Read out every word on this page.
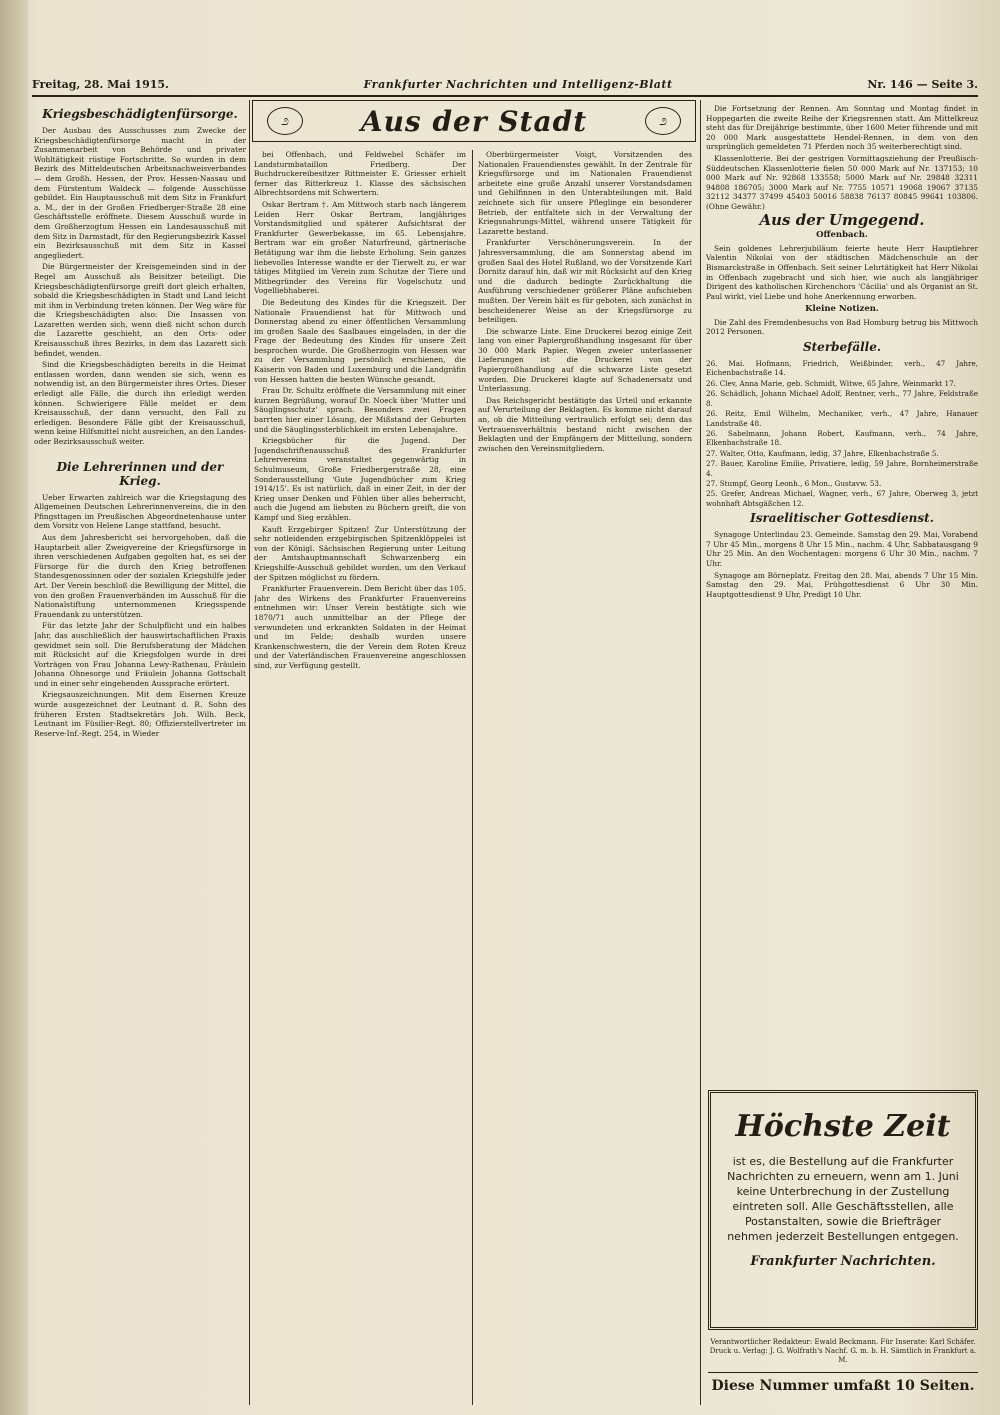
Freitag, 28. Mai 1915.	Frankfurter Nachrichten und Intelligenz-Blatt	Nr. 146 — Seite 3.
Kriegsbeschädigtenfürsorge.

Der Ausbau des Ausschusses zum Zwecke der Kriegsbeschädigtenfürsorge macht in der Zusammenarbeit von Behörde und privater Wohltätigkeit rüstige Fortschritte. So wurden in dem Bezirk des Mitteldeutschen Arbeitsnachweisverbandes — dem Großh. Hessen, der Prov. Hessen-Nassau und dem Fürstentum Waldeck — folgende Ausschüsse gebildet. Ein Hauptausschuß mit dem Sitz in Frankfurt a. M., der in der Großen Friedberger-Straße 28 eine Geschäftsstelle eröffnete. Diesem Ausschuß wurde in dem Großherzogtum Hessen ein Landesausschuß mit dem Sitz in Darmstadt, für den Regierungsbezirk Kassel ein Bezirksausschuß mit dem Sitz in Kassel angegliedert.

Die Bürgermeister der Kreisgemeinden sind in der Regel am Ausschuß als Beisitzer beteiligt. Die Kriegsbeschädigtenfürsorge greift dort gleich erhalten, sobald die Kriegsbeschädigten in Stadt und Land leicht mit ihm in Verbindung treten können. Der Weg wäre für die Kriegsbeschädigten also: Die Insassen von Lazaretten werden sich, wenn dieß nicht schon durch die Lazarette geschieht, an den Orts- oder Kreisausschuß ihres Bezirks, in dem das Lazarett sich befindet, wenden.

Sind die Kriegsbeschädigten bereits in die Heimat entlassen worden, dann wenden sie sich, wenn es notwendig ist, an den Bürgermeister ihres Ortes. Dieser erledigt alle Fälle, die durch ihn erledigt werden können. Schwierigere Fälle meldet er dem Kreisausschuß, der dann versucht, den Fall zu erledigen. Besondere Fälle gibt der Kreisausschuß, wenn keine Hilfsmittel nicht ausreichen, an den Landes- oder Bezirksausschuß weiter.

Die Lehrerinnen und der Krieg.

Ueber Erwarten zahlreich war die Kriegstagung des Allgemeinen Deutschen Lehrerinnenvereins, die in den Pfingsttagen im Preußischen Abgeordnetenhause unter dem Vorsitz von Helene Lange stattfand, besucht.

Aus dem Jahresbericht sei hervorgehoben, daß die Hauptarbeit aller Zweigvereine der Kriegsfürsorge in ihren verschiedenen Aufgaben gegolten hat, es sei der Fürsorge für die durch den Krieg betroffenen Standesgenossinnen oder der sozialen Kriegshilfe jeder Art. Der Verein beschloß die Bewilligung der Mittel, die von den großen Frauenverbänden im Ausschuß für die Nationalstiftung unternommenen Kriegsspende Frauendank zu unterstützen.

Für das letzte Jahr der Schulpflicht und ein halbes Jahr, das auschließlich der hauswirtschaftlichen Praxis gewidmet sein soll. Die Berufsberatung der Mädchen mit Rücksicht auf die Kriegsfolgen wurde in drei Vorträgen von Frau Johanna Lewy-Rathenau, Fräulein Johanna Ohnesorge und Fräulein Johanna Gottschalt und in einer sehr eingehenden Aussprache erörtert.

Kriegsauszeichnungen. Mit dem Eisernen Kreuze wurde ausgezeichnet der Leutnant d. R. Sohn des früheren Ersten Stadtsekretärs Joh. Wilh. Beck, Leutnant im Füsilier-Regt. 80; Offizierstellvertreter im Reserve-Inf.-Regt. 254, in Wieder

೨	Aus der Stadt	೨

bei Offenbach, und Feldwebel Schäfer im Landsturmbataillon Friedberg. Der Buchdruckereibesitzer Rittmeister E. Griesser erhielt ferner das Ritterkreuz 1. Klasse des sächsischen Albrechtsordens mit Schwertern.

Oskar Bertram †. Am Mittwoch starb nach längerem Leiden Herr Oskar Bertram, langjähriges Vorstandsmitglied und späterer Aufsichtsrat der Frankfurter Gewerbekasse, im 65. Lebensjahre. Bertram war ein großer Naturfreund, gärtnerische Betätigung war ihm die liebste Erholung. Sein ganzes liebevolles Interesse wandte er der Tierwelt zu, er war tätiges Mitglied im Verein zum Schutze der Tiere und Mitbegründer des Vereins für Vogelschutz und Vogelliebhaberei.

Die Bedeutung des Kindes für die Kriegszeit. Der Nationale Frauendienst hat für Mittwoch und Donnerstag abend zu einer öffentlichen Versammlung im großen Saale des Saalbaues eingeladen, in der die Frage der Bedeutung des Kindes für unsere Zeit besprochen wurde. Die Großherzogin von Hessen war zu der Versammlung persönlich erschienen, die Kaiserin von Baden und Luxemburg und die Landgräfin von Hessen hatten die besten Wünsche gesandt.

Frau Dr. Schultz eröffnete die Versammlung mit einer kurzen Begrüßung, worauf Dr. Noeck über 'Mutter und Säuglingsschutz' sprach. Besonders zwei Fragen barrten hier einer Lösung, der Mißstand der Geburten und die Säuglingssterblichkeit im ersten Lebensjahre.

Kriegsbücher für die Jugend. Der Jugendschriftenausschuß des Frankfurter Lehrervereins veranstaltet gegenwärtig in Schulmuseum, Große Friedbergerstraße 28, eine Sonderausstellung 'Gute Jugendbücher zum Krieg 1914/15'. Es ist natürlich, daß in einer Zeit, in der der Krieg unser Denken und Fühlen über alles beherrscht, auch die Jugend am liebsten zu Büchern greift, die von Kampf und Sieg erzählen.

Kauft Erzgebirger Spitzen! Zur Unterstützung der sehr notleidenden erzgebirgischen Spitzenklöppelei ist von der Königl. Sächsischen Regierung unter Leitung der Amtshauptmannschaft Schwarzenberg ein Kriegshilfe-Ausschuß gebildet worden, um den Verkauf der Spitzen möglichst zu fördern.

Frankfurter Frauenverein. Dem Bericht über das 105. Jahr des Wirkens des Frankfurter Frauenvereins entnehmen wir: Unser Verein bestätigte sich wie 1870/71 auch unmittelbar an der Pflege der verwundeten und erkrankten Soldaten in der Heimat und im Felde; deshalb wurden unsere Krankenschwestern, die der Verein dem Roten Kreuz und der Vaterländischen Frauenvereine angeschlossen sind, zur Verfügung gestellt.

Oberbürgermeister Voigt, Vorsitzenden des Nationalen Frauendienstes gewählt. In der Zentrale für Kriegsfürsorge und im Nationalen Frauendienst arbeitete eine große Anzahl unserer Vorstandsdamen und Gehilfinnen in den Unterabteilungen mit. Bald zeichnete sich für unsere Pfleglinge ein besonderer Betrieb, der entfaltete sich in der Verwaltung der Kriegsnahrungs-Mittel, während unsere Tätigkeit für Lazarette bestand.

Frankfurter Verschönerungsverein. In der Jahresversammlung, die am Sonnerstag abend im großen Saal des Hotel Rußland, wo der Vorsitzende Karl Dornitz darauf hin, daß wir mit Rücksicht auf den Krieg und die dadurch bedingte Zurückhaltung die Ausführung verschiedener größerer Pläne aufschieben mußten. Der Verein hält es für geboten, sich zunächst in bescheidenerer Weise an der Kriegsfürsorge zu beteiligen.

Die schwarze Liste. Eine Druckerei bezog einige Zeit lang von einer Papiergroßhandlung insgesamt für über 30 000 Mark Papier. Wegen zweier unterlassener Lieferungen ist die Druckerei von der Papiergroßhandlung auf die schwarze Liste gesetzt worden. Die Druckerei klagte auf Schadenersatz und Unterlassung.

Das Reichsgericht bestätigte das Urteil und erkannte auf Verurteilung der Beklagten. Es komme nicht darauf an, ob die Mitteilung vertraulich erfolgt sei; denn das Vertrauensverhältnis bestand nicht zwischen der Beklagten und der Empfängern der Mitteilung, sondern zwischen den Vereinsmitgliedern.

Die Fortsetzung der Rennen. Am Sonntag und Montag findet in Hoppegarten die zweite Reihe der Kriegsrennen statt. Am Mittelkreuz steht das für Dreijährige bestimmte, über 1600 Meter führende und mit 20 000 Mark ausgestattete Hendel-Rennen, in dem von den ursprünglich gemeldeten 71 Pferden noch 35 weiterberechtigt sind.

Klassenlotterie. Bei der gestrigen Vormittagsziehung der Preußisch-Süddeutschen Klassenlotterie fielen 50 000 Mark auf Nr. 137153; 10 000 Mark auf Nr. 92868 133558; 5000 Mark auf Nr. 29848 32311 94808 186705; 3000 Mark auf Nr. 7755 10571 19068 19067 37135 32112 34377 37499 45403 50016 58838 76137 80845 99641 103806. (Ohne Gewähr.)

Aus der Umgegend.
Offenbach.

Sein goldenes Lehrerjubiläum feierte heute Herr Hauptlehrer Valentin Nikolai von der städtischen Mädchenschule an der Bismarckstraße in Offenbach. Seit seiner Lehrtätigkeit hat Herr Nikolai in Offenbach zugebracht und sich hier, wie auch als langjähriger Dirigent des katholischen Kirchenchors 'Cäcilia' und als Organist an St. Paul wirkt, viel Liebe und hohe Anerkennung erworben.

Kleine Notizen.

Die Zahl des Fremdenbesuchs von Bad Homburg betrug bis Mittwoch 2012 Personen.

Sterbefälle.
26. Mai. Hofmann, Friedrich, Weißbinder, verh., 47 Jahre, Eichenbachstraße 14.
26. Clev, Anna Marie, geb. Schmidt, Witwe, 65 Jahre, Weinmarkt 17.
26. Schädlich, Johann Michael Adolf, Rentner, verh., 77 Jahre, Feldstraße 8.
26. Reitz, Emil Wilhelm, Mechaniker, verh., 47 Jahre, Hanauer Landstraße 48.
26. Sabelmann, Johann Robert, Kaufmann, verh., 74 Jahre, Elkenbachstraße 18.
27. Walter, Otto, Kaufmann, ledig, 37 Jahre, Elkenbachstraße 5.
27. Bauer, Karoline Emilie, Privatiere, ledig, 59 Jahre, Bornheimerstraße 4.
27. Stumpf, Georg Leonh., 6 Mon., Gustavw. 53.
25. Grefer, Andreas Michael, Wagner, verh., 67 Jahre, Oberweg 3, jetzt wohnhaft Abtsgäßchen 12.
Israelitischer Gottesdienst.

Synagoge Unterlindau 23. Gemeinde. Samstag den 29. Mai, Vorabend 7 Uhr 45 Min., morgens 8 Uhr 15 Min., nachm. 4 Uhr, Sabbatausgang 9 Uhr 25 Min. An den Wochentagen: morgens 6 Uhr 30 Min., nachm. 7 Uhr.

Synagoge am Börneplatz. Freitag den 28. Mai, abends 7 Uhr 15 Min. Samstag den 29. Mai, Frühgottesdienst 6 Uhr 30 Min. Hauptgottesdienst 9 Uhr, Predigt 10 Uhr.

Höchste Zeit
ist es, die Bestellung auf die Frankfurter Nachrichten zu erneuern, wenn am 1. Juni keine Unterbrechung in der Zustellung eintreten soll. Alle Geschäftsstellen, alle Postanstalten, sowie die Briefträger nehmen jederzeit Bestellungen entgegen.
Frankfurter Nachrichten.
Verantwortlicher Redakteur: Ewald Beckmann. Für Inserate: Karl Schäfer. Druck u. Verlag: J. G. Wolfrath's Nachf. G. m. b. H. Sämtlich in Frankfurt a. M.
Diese Nummer umfaßt 10 Seiten.
